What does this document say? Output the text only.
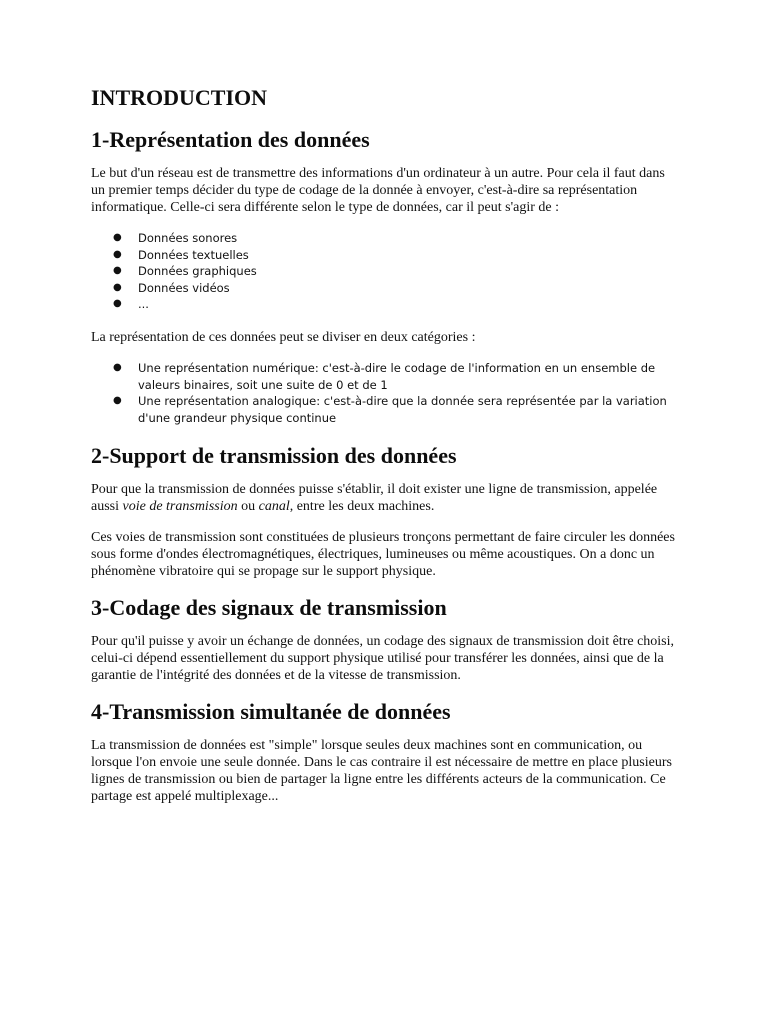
INTRODUCTION
1-Représentation des données

Le but d'un réseau est de transmettre des informations d'un ordinateur à un autre. Pour cela il faut dans un premier temps décider du type de codage de la donnée à envoyer, c'est-à-dire sa représentation informatique. Celle-ci sera différente selon le type de données, car il peut s'agir de :

● Données sonores
● Données textuelles
● Données graphiques
● Données vidéos
● ...

La représentation de ces données peut se diviser en deux catégories :

● Une représentation numérique: c'est-à-dire le codage de l'information en un ensemble de valeurs binaires, soit une suite de 0 et de 1
● Une représentation analogique: c'est-à-dire que la donnée sera représentée par la variation d'une grandeur physique continue
2-Support de transmission des données

Pour que la transmission de données puisse s'établir, il doit exister une ligne de transmission, appelée aussi voie de transmission ou canal, entre les deux machines.

Ces voies de transmission sont constituées de plusieurs tronçons permettant de faire circuler les données sous forme d'ondes électromagnétiques, électriques, lumineuses ou même acoustiques. On a donc un phénomène vibratoire qui se propage sur le support physique.

3-Codage des signaux de transmission

Pour qu'il puisse y avoir un échange de données, un codage des signaux de transmission doit être choisi, celui-ci dépend essentiellement du support physique utilisé pour transférer les données, ainsi que de la garantie de l'intégrité des données et de la vitesse de transmission.

4-Transmission simultanée de données

La transmission de données est "simple" lorsque seules deux machines sont en communication, ou lorsque l'on envoie une seule donnée. Dans le cas contraire il est nécessaire de mettre en place plusieurs lignes de transmission ou bien de partager la ligne entre les différents acteurs de la communication. Ce partage est appelé multiplexage...
